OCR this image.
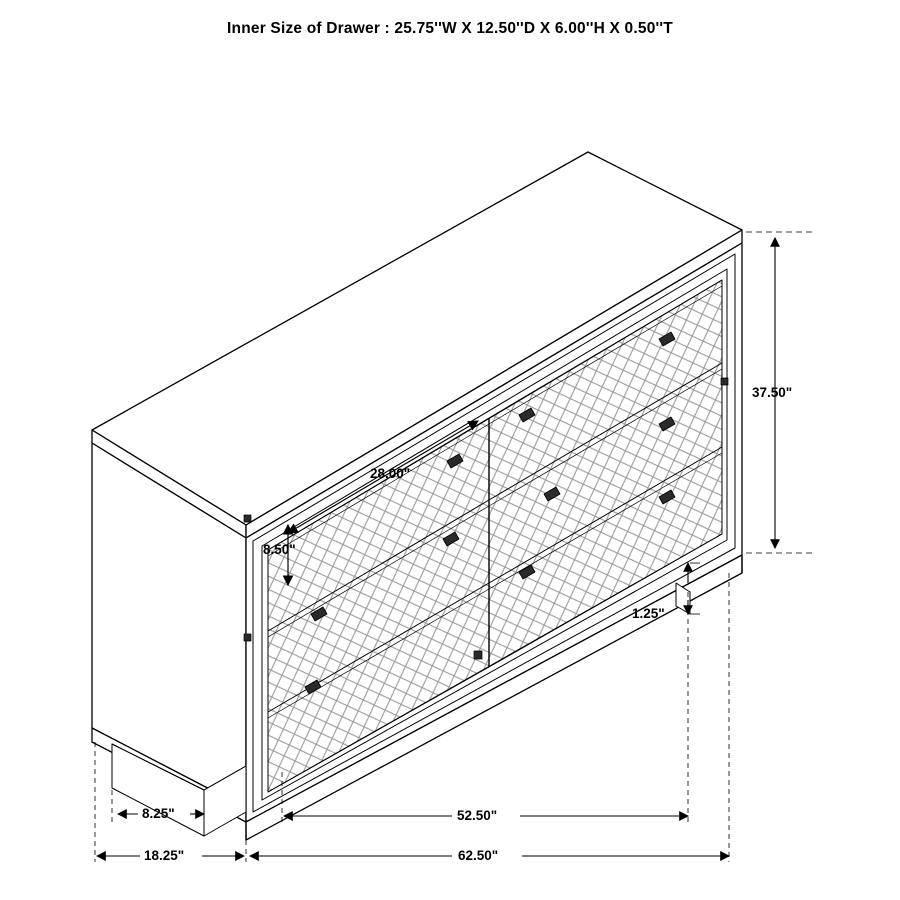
Inner Size of Drawer : 25.75''W X 12.50''D X 6.00''H X 0.50''T
37.50"
28.00"
8.50"
1.25"
8.25"	52.50"
18.25"	62.50"
